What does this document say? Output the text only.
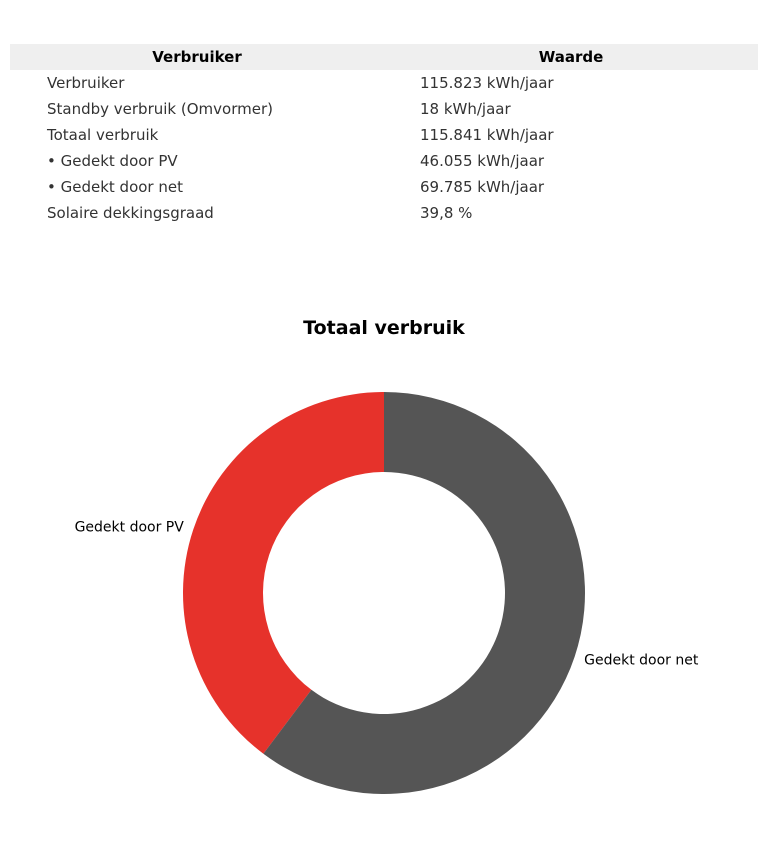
Verbruiker	Waarde
Verbruiker	115.823 kWh/jaar
Standby verbruik (Omvormer)	18 kWh/jaar
Totaal verbruik	115.841 kWh/jaar
• Gedekt door PV	46.055 kWh/jaar
• Gedekt door net	69.785 kWh/jaar
Solaire dekkingsgraad	39,8 %
Totaal verbruik
Gedekt door PV
Gedekt door net
